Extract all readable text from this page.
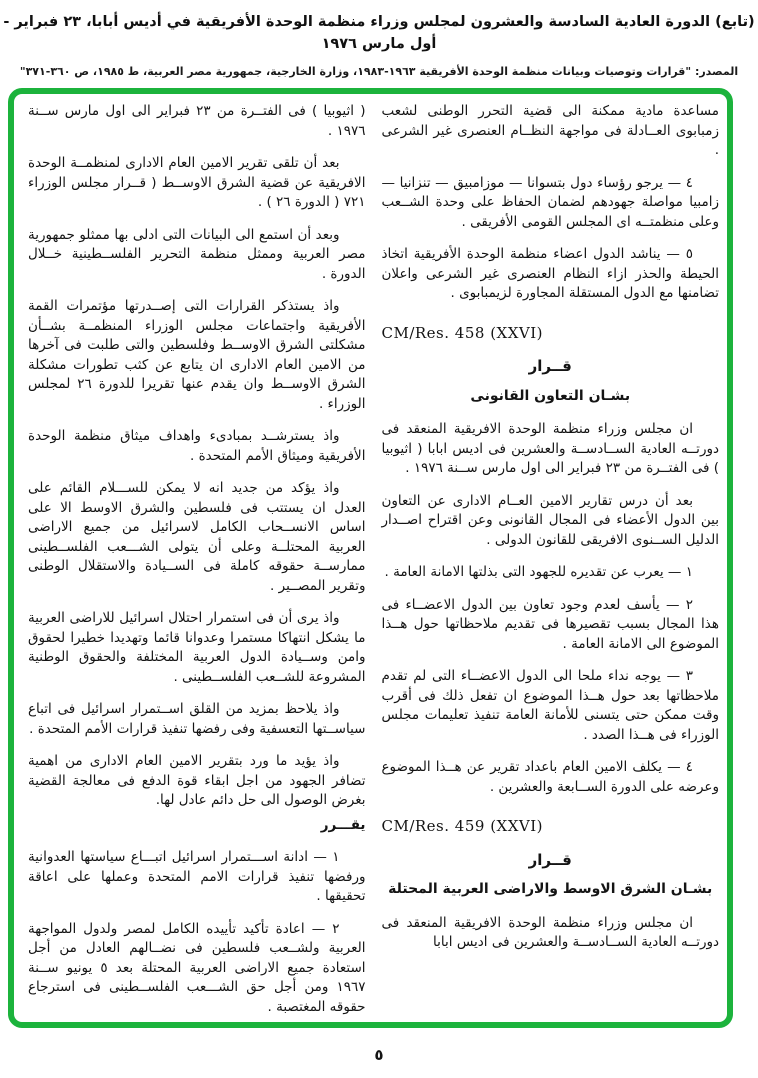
(تابع) الدورة العادية السادسة والعشرون لمجلس وزراء منظمة الوحدة الأفريقية في أديس أبابا، ٢٣ فبراير - أول مارس ١٩٧٦
المصدر: "قرارات وتوصيات وبيانات منظمة الوحدة الأفريقية ١٩٦٣-١٩٨٣، وزارة الخارجية، جمهورية مصر العربية، ط ١٩٨٥، ص ٣٦٠-٣٧١"
مساعدة مادية ممكنة الى قضية التحرر الوطنى لشعب زمبابوى العــادلة فى مواجهة النظــام العنصرى غير الشرعى .
٤ — يرجو رؤساء دول بتسوانا — موزامبيق — تنزانيا — زامبيا مواصلة جهودهم لضمان الحفاظ على وحدة الشــعب وعلى منظمتــه اى المجلس القومى الأفريقى .
٥ — يناشد الدول اعضاء منظمة الوحدة الأفريقية اتخاذ الحيطة والحذر ازاء النظام العنصرى غير الشرعى واعلان تضامنها مع الدول المستقلة المجاورة لزيمبابوى .
CM/Res. 458 (XXVI)
قــرار
بشـان التعاون القانونى
ان مجلس وزراء منظمة الوحدة الافريقية المنعقد فى دورتــه العادية الســادســة والعشرين فى اديس ابابا ( اثيوبيا ) فى الفتــرة من ٢٣ فبراير الى اول مارس ســنة ١٩٧٦ .
بعد أن درس تقارير الامين العــام الادارى عن التعاون بين الدول الأعضاء فى المجال القانونى وعن اقتراح اصــدار الدليل الســنوى الافريقى للقانون الدولى .
١ — يعرب عن تقديره للجهود التى بذلتها الامانة العامة .
٢ — يأسف لعدم وجود تعاون بين الدول الاعضــاء فى هذا المجال بسبب تقصيرها فى تقديم ملاحظاتها حول هــذا الموضوع الى الامانة العامة .
٣ — يوجه نداء ملحا الى الدول الاعضــاء التى لم تقدم ملاحظاتها بعد حول هــذا الموضوع ان تفعل ذلك فى أقرب وقت ممكن حتى يتسنى للأمانة العامة تنفيذ تعليمات مجلس الوزراء فى هــذا الصدد .
٤ — يكلف الامين العام باعداد تقرير عن هــذا الموضوع وعرضه على الدورة الســابعة والعشرين .
CM/Res. 459 (XXVI)
قــرار
بشـان الشرق الاوسط والاراضى العربية المحتلة
ان مجلس وزراء منظمة الوحدة الافريقية المنعقد فى دورتــه العادية الســادســة والعشرين فى اديس ابابا
( اثيوبيا ) فى الفتــرة من ٢٣ فبراير الى اول مارس ســنة ١٩٧٦ .
بعد أن تلقى تقرير الامين العام الادارى لمنظمــة الوحدة الافريقية عن قضية الشرق الاوســط ( قــرار مجلس الوزراء ٧٢١ ( الدورة ٢٦ ) .
وبعد أن استمع الى البيانات التى ادلى بها ممثلو جمهورية مصر العربية وممثل منظمة التحرير الفلســطينية خــلال الدورة .
واذ يستذكر القرارات التى إصــدرتها مؤتمرات القمة الأفريقية واجتماعات مجلس الوزراء المنظمــة بشــأن مشكلتى الشرق الاوســط وفلسطين والتى طلبت فى آخرها من الامين العام الادارى ان يتابع عن كثب تطورات مشكلة الشرق الاوســط وان يقدم عنها تقريرا للدورة ٢٦ لمجلس الوزراء .
واذ يسترشــد بمبادىء واهداف ميثاق منظمة الوحدة الأفريقية وميثاق الأمم المتحدة .
واذ يؤكد من جديد انه لا يمكن للســـلام القائم على العدل ان يستتب فى فلسطين والشرق الاوسط الا على اساس الانســحاب الكامل لاسرائيل من جميع الاراضى العربية المحتلــة وعلى أن يتولى الشـــعب الفلســطينى ممارســة حقوقه كاملة فى الســيادة والاستقلال الوطنى وتقرير المصــير .
واذ يرى أن فى استمرار احتلال اسرائيل للاراضى العربية ما يشكل انتهاكا مستمرا وعدوانا قائما وتهديدا خطيرا لحقوق وامن وســيادة الدول العربية المختلفة والحقوق الوطنية المشروعة للشــعب الفلســطينى .
واذ يلاحظ بمزيد من القلق اســتمرار اسرائيل فى اتباع سياســتها التعسفية وفى رفضها تنفيذ قرارات الأمم المتحدة .
واذ يؤيد ما ورد بتقرير الامين العام الادارى من اهمية تضافر الجهود من اجل ابقاء قوة الدفع فى معالجة القضية بغرض الوصول الى حل دائم عادل لها.
يقـــرر
١ — ادانة اســـتمرار اسرائيل اتبـــاع سياستها العدوانية ورفضها تنفيذ قرارات الامم المتحدة وعملها على اعاقة تحقيقها .
٢ — اعادة تأكيد تأييده الكامل لمصر ولدول المواجهة العربية ولشــعب فلسطين فى نضــالهم العادل من أجل استعادة جميع الاراضى العربية المحتلة بعد ٥ يونيو ســنة ١٩٦٧ ومن أجل حق الشـــعب الفلســطينى فى استرجاع حقوقه المغتصبة .
٥
